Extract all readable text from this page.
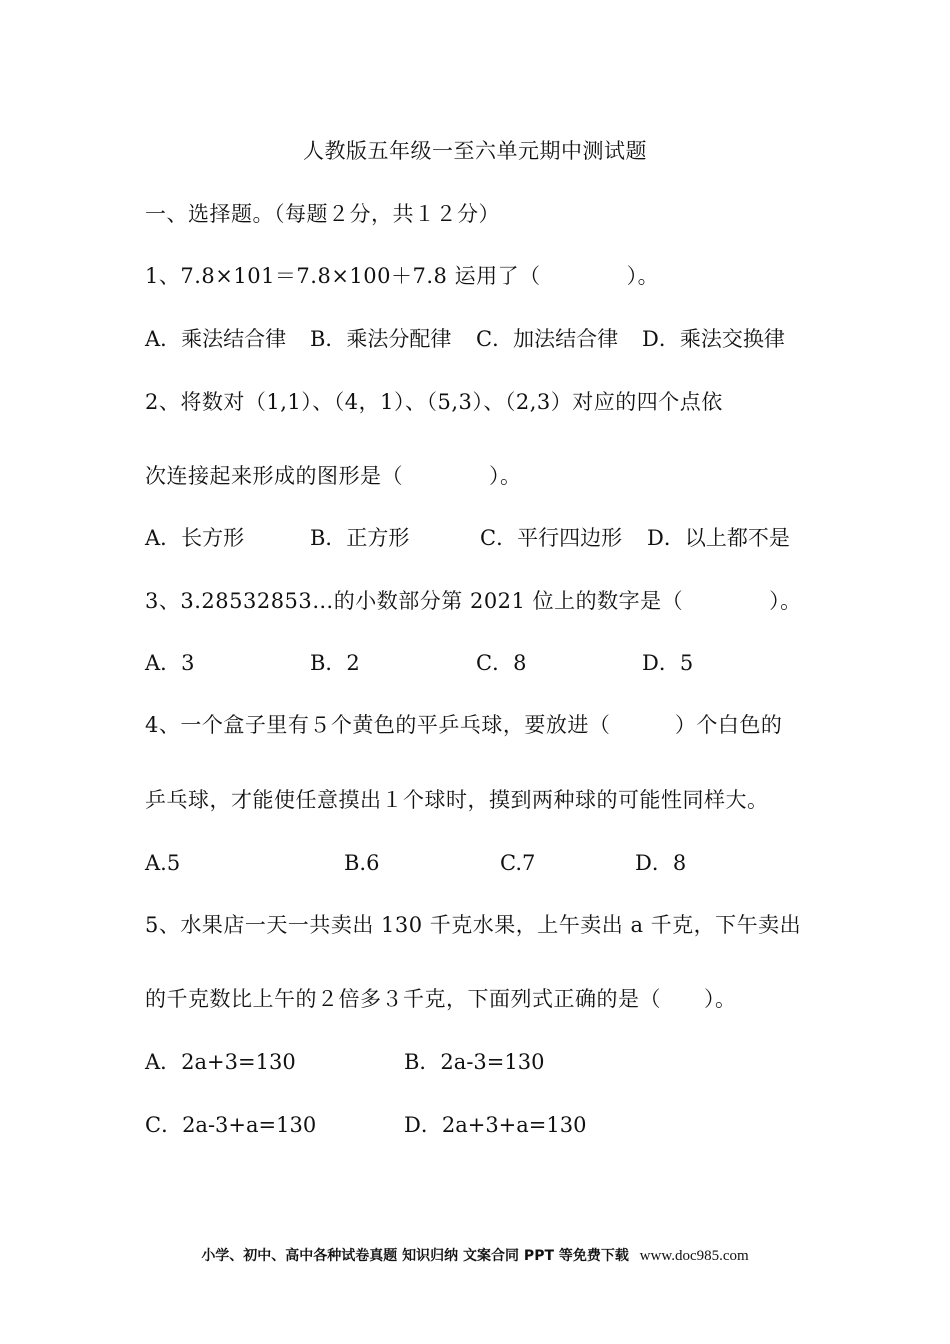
人教版五年级一至六单元期中测试题
一、选择题。（每题２分，共１２分）
1、7.8×101＝7.8×100＋7.8 运用了（　　　　）。
A．乘法结合律 B．乘法分配律 C．加法结合律 D．乘法交换律
2、将数对（1,1）、（4，1）、（5,3）、（2,3）对应的四个点依
次连接起来形成的图形是（　　　　）。
A．长方形	B．正方形	C．平行四边形 D．以上都不是
3、3.28532853…的小数部分第 2021 位上的数字是（　　　　）。
A．3	B．2	C．8	D．5
4、一个盒子里有５个黄色的平乒乓球，要放进（　　　）个白色的
乒乓球，才能使任意摸出１个球时，摸到两种球的可能性同样大。
A.5	B.6	C.7	D．8
5、水果店一天一共卖出 130 千克水果，上午卖出 a 千克，下午卖出
的千克数比上午的２倍多３千克，下面列式正确的是（　　）。
A．2a+3=130	B．2a-3=130
C．2a-3+a=130	D．2a+3+a=130
小学、初中、高中各种试卷真题 知识归纳 文案合同 PPT 等免费下载 www.doc985.com
